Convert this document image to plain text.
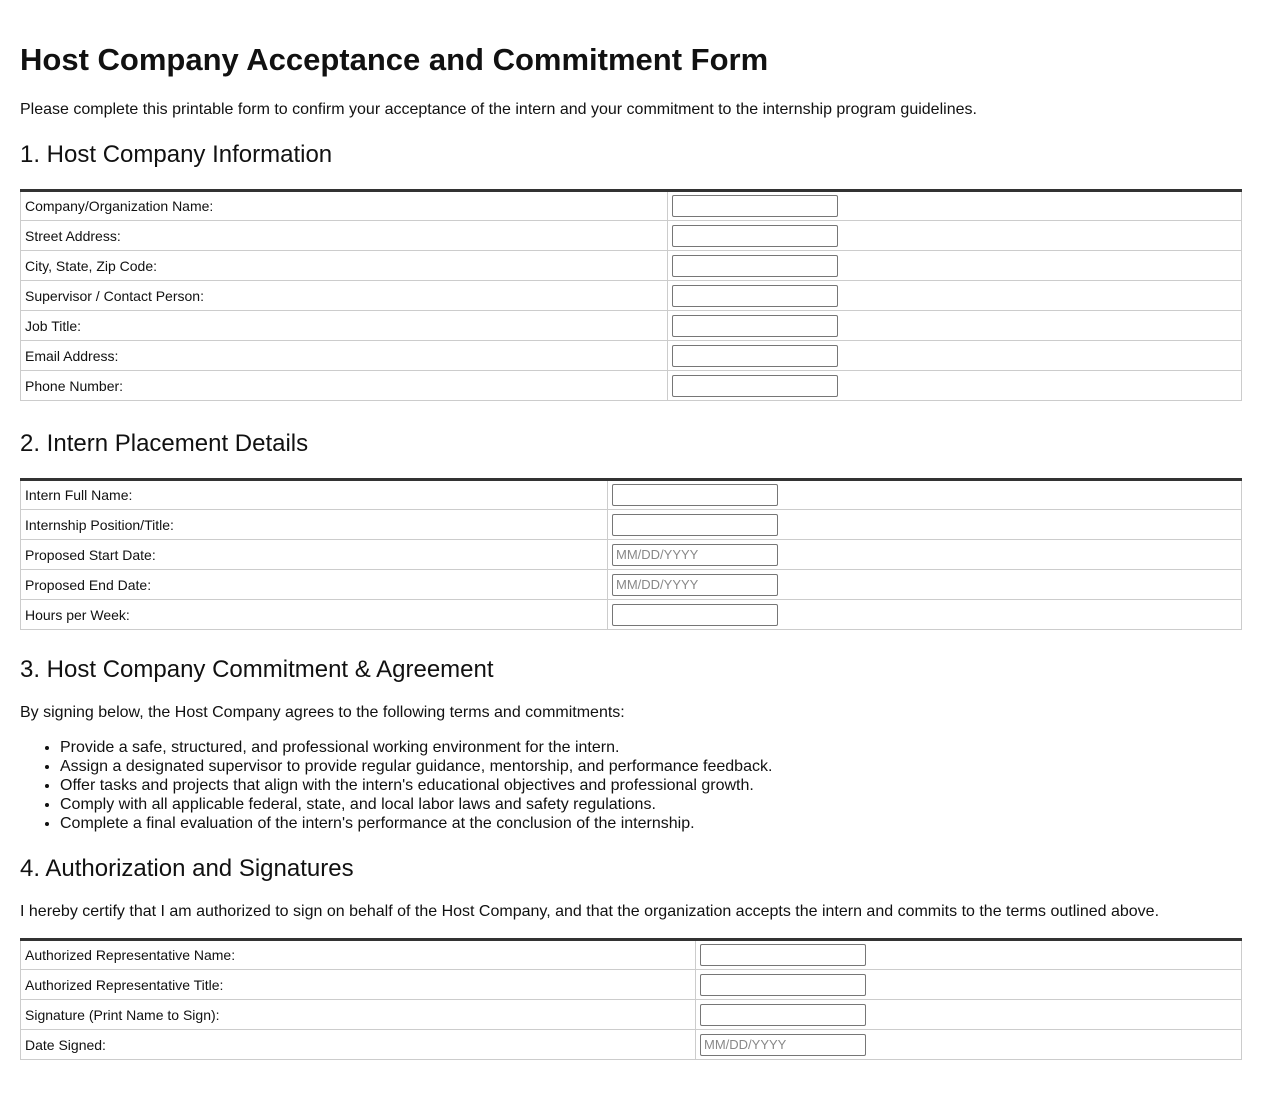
Host Company Acceptance and Commitment Form
Please complete this printable form to confirm your acceptance of the intern and your commitment to the internship program guidelines.
1. Host Company Information
Company/Organization Name:	

Street Address:	

City, State, Zip Code:	

Supervisor / Contact Person:	

Job Title:	

Email Address:	

Phone Number:	
2. Intern Placement Details
Intern Full Name:	

Internship Position/Title:	

Proposed Start Date:	
MM/DD/YYYY
Proposed End Date:	
MM/DD/YYYY
Hours per Week:	
3. Host Company Commitment & Agreement
By signing below, the Host Company agrees to the following terms and commitments:
• Provide a safe, structured, and professional working environment for the intern.
• Assign a designated supervisor to provide regular guidance, mentorship, and performance feedback.
• Offer tasks and projects that align with the intern's educational objectives and professional growth.
• Comply with all applicable federal, state, and local labor laws and safety regulations.
• Complete a final evaluation of the intern's performance at the conclusion of the internship.
4. Authorization and Signatures
I hereby certify that I am authorized to sign on behalf of the Host Company, and that the organization accepts the intern and commits to the terms outlined above.
Authorized Representative Name:	

Authorized Representative Title:	

Signature (Print Name to Sign):	

Date Signed:	
MM/DD/YYYY
